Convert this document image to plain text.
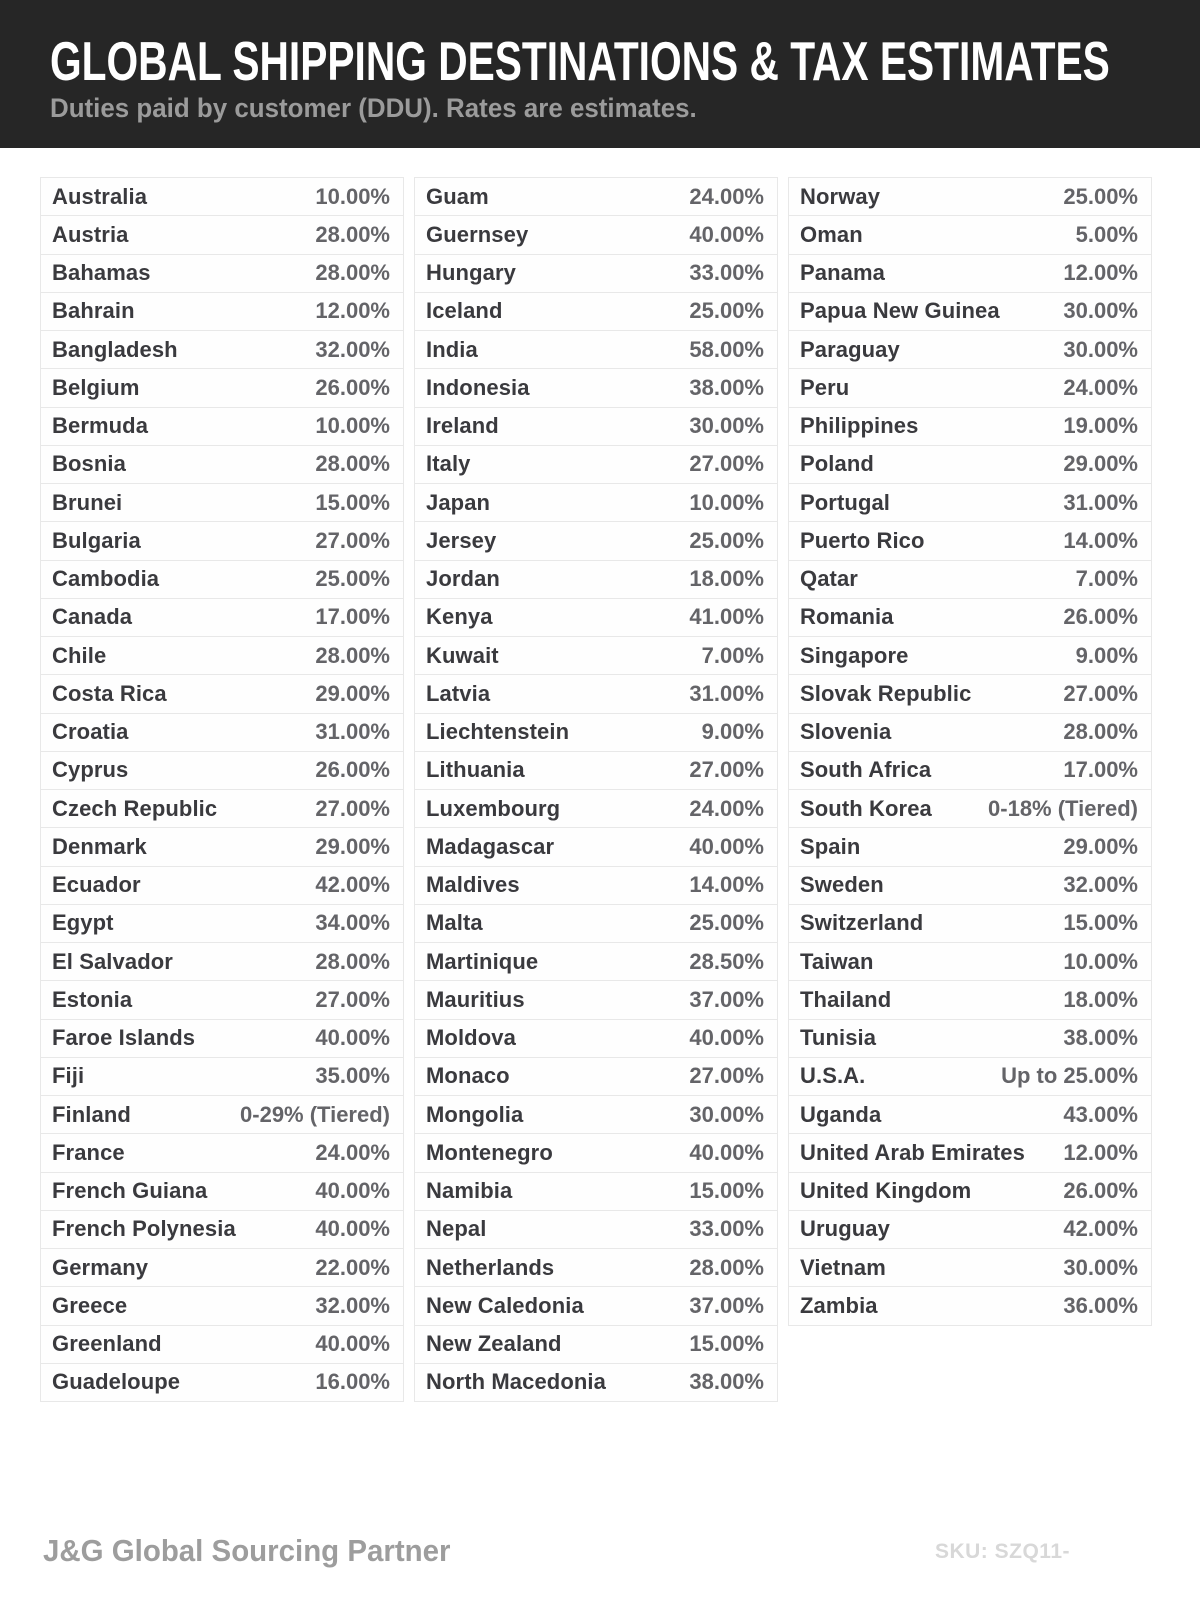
GLOBAL SHIPPING DESTINATIONS & TAX ESTIMATES

Duties paid by customer (DDU). Rates are estimates.

Australia	10.00%
Austria	28.00%
Bahamas	28.00%
Bahrain	12.00%
Bangladesh	32.00%
Belgium	26.00%
Bermuda	10.00%
Bosnia	28.00%
Brunei	15.00%
Bulgaria	27.00%
Cambodia	25.00%
Canada	17.00%
Chile	28.00%
Costa Rica	29.00%
Croatia	31.00%
Cyprus	26.00%
Czech Republic	27.00%
Denmark	29.00%
Ecuador	42.00%
Egypt	34.00%
El Salvador	28.00%
Estonia	27.00%
Faroe Islands	40.00%
Fiji	35.00%
Finland	0-29% (Tiered)
France	24.00%
French Guiana	40.00%
French Polynesia	40.00%
Germany	22.00%
Greece	32.00%
Greenland	40.00%
Guadeloupe	16.00%
Guam	24.00%
Guernsey	40.00%
Hungary	33.00%
Iceland	25.00%
India	58.00%
Indonesia	38.00%
Ireland	30.00%
Italy	27.00%
Japan	10.00%
Jersey	25.00%
Jordan	18.00%
Kenya	41.00%
Kuwait	7.00%
Latvia	31.00%
Liechtenstein	9.00%
Lithuania	27.00%
Luxembourg	24.00%
Madagascar	40.00%
Maldives	14.00%
Malta	25.00%
Martinique	28.50%
Mauritius	37.00%
Moldova	40.00%
Monaco	27.00%
Mongolia	30.00%
Montenegro	40.00%
Namibia	15.00%
Nepal	33.00%
Netherlands	28.00%
New Caledonia	37.00%
New Zealand	15.00%
North Macedonia	38.00%
Norway	25.00%
Oman	5.00%
Panama	12.00%
Papua New Guinea	30.00%
Paraguay	30.00%
Peru	24.00%
Philippines	19.00%
Poland	29.00%
Portugal	31.00%
Puerto Rico	14.00%
Qatar	7.00%
Romania	26.00%
Singapore	9.00%
Slovak Republic	27.00%
Slovenia	28.00%
South Africa	17.00%
South Korea	0-18% (Tiered)
Spain	29.00%
Sweden	32.00%
Switzerland	15.00%
Taiwan	10.00%
Thailand	18.00%
Tunisia	38.00%
U.S.A.	Up to 25.00%
Uganda	43.00%
United Arab Emirates 12.00%
United Kingdom	26.00%
Uruguay	42.00%
Vietnam	30.00%
Zambia	36.00%
J&G Global Sourcing Partner	SKU: SZQ11-
